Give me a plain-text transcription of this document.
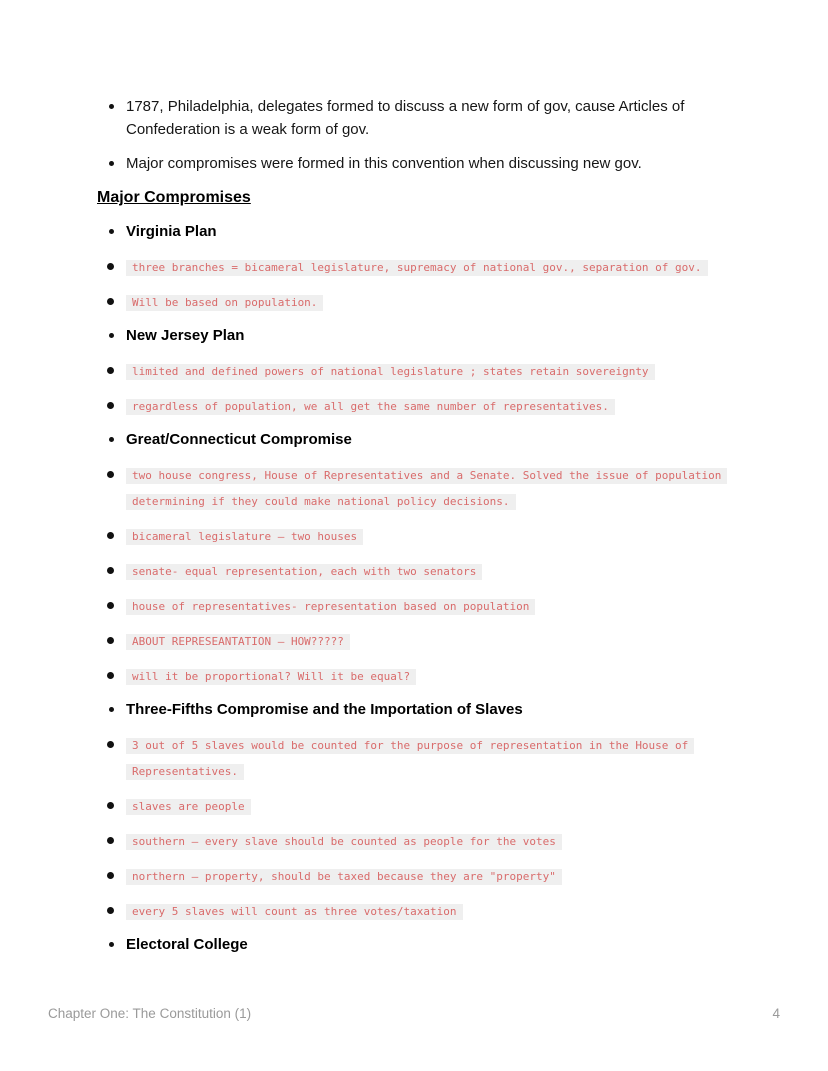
1787, Philadelphia, delegates formed to discuss a new form of gov, cause Articles of Confederation is a weak form of gov.
Major compromises were formed in this convention when discussing new gov.
Major Compromises
Virginia Plan
three branches = bicameral legislature, supremacy of national gov., separation of gov.
Will be based on population.
New Jersey Plan
limited and defined powers of national legislature ; states retain sovereignty
regardless of population, we all get the same number of representatives.
Great/Connecticut Compromise
two house congress, House of Representatives and a Senate. Solved the issue of population determining if they could make national policy decisions.
bicameral legislature – two houses
senate- equal representation, each with two senators
house of representatives- representation based on population
ABOUT REPRESEANTATION – HOW?????
will it be proportional? Will it be equal?
Three-Fifths Compromise and the Importation of Slaves
3 out of 5 slaves would be counted for the purpose of representation in the House of Representatives.
slaves are people
southern – every slave should be counted as people for the votes
northern – property, should be taxed because they are "property"
every 5 slaves will count as three votes/taxation
Electoral College
Chapter One: The Constitution (1)	4
